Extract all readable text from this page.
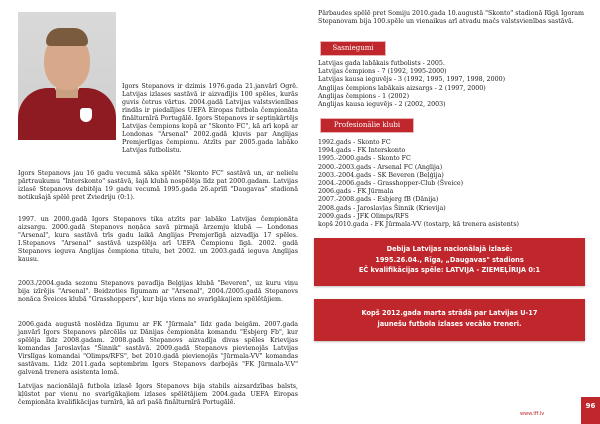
Igors Stepanovs ir dzimis 1976.gada 21.janvārī Ogrē. Latvijas izlases sastāvā ir aizvadījis 100 spēles, kurās guvis četrus vārtus. 2004.gadā Latvijas valstsvienības rindās ir piedalījies UEFA Eiropas futbola čempionāta finālturnīrā Portugālē. Igors Stepanovs ir septiņkārtējs Latvijas čempions kopā ar "Skonto FC", kā arī kopā ar Londonas "Arsenal" 2002.gadā kļuvis par Anglijas Premjerlīgas čempionu. Atzīts par 2005.gada labāko Latvijas futbolistu.

Igors Stepanovs jau 16 gadu vecumā sāka spēlēt "Skonto FC" sastāvā un, ar nelielu pārtraukumu "Interskonto" sastāvā, šajā klubā nospēlēja līdz pat 2000.gadam. Latvijas izlasē Stepanovs debitēja 19 gadu vecumā 1995.gada 26.aprīlī "Daugavas" stadionā notikušajā spēlē pret Zviedriju (0:1).

1997. un 2000.gadā Igors Stepanovs tika atzīts par labāko Latvijas čempionāta aizsargu. 2000.gadā Stepanovs noņāca savā pirmajā ārzemju klubā — Londonas "Arsenal", kura sastāvā trīs gadu laikā Anglijas Premjerlīgā aizvadīja 17 spēles. I.Stepanovs "Arsenal" sastāvā uzspēlēja arī UEFA Čempionu līgā. 2002. gadā Stepanovs ieguva Anglijas čempiona titulu, bet 2002. un 2003.gadā ieguva Anglijas kausu.

2003./2004.gada sezonu Stepanovs pavadīja Beļģijas klubā "Beveren", uz kuru viņu bija izīrējis "Arsenal". Beidzoties līgumam ar "Arsenal", 2004./2005.gadā Stepanovs nonāca Šveices klubā "Grasshoppers", kur bija viens no svarīgākajiem spēlētājiem.

2006.gada augustā noslēdza līgumu ar FK "Jūrmala" līdz gada beigām. 2007.gada janvārī Igors Stepanovs pārcēlās uz Dānijas čempionāta komandu "Esbjerg Fb", kur spēlēja līdz 2008.gadam. 2008.gadā Stepanovs aizvadīja divas spēles Krievijas komandas Jaroslavļas "Šinnik" sastāvā. 2009.gadā Stepanovs pievienojās Latvijas Virslīgas komandai "Olimps/RFS", bet 2010.gadā pievienojās "Jūrmala-VV" komandas sastāvam. Līdz 2011.gada septembrim Igors Stepanovs darbojās "FK Jūrmala-V.V" galvenā trenera asistenta lomā.

Latvijas nacionālajā futbola izlasē Igors Stepanovs bija stabils aizsardzības balsts, kļūstot par vienu no svarīgākajiem izlases spēlētājiem 2004.gada UEFA Eiropas čempionāta kvalifikācijas turnīrā, kā arī pašā finālturnīrā Portugālē.

Pārbaudes spēlē pret Somiju 2010.gada 10.augustā "Skonto" stadionā Rīgā Igoram Stepanovam bija 100.spēle un vienaikus arī atvadu mačs valstsvienības sastāvā.

Sasniegumi
Latvijas gada labākais futbolists - 2005.
Latvijas čempions - 7 (1992, 1995-2000)
Latvijas kausa ieguvējs - 3 (1992, 1995, 1997, 1998, 2000)
Anglijas čempions labākais aizsargs - 2 (1997, 2000)
Anglijas čempions - 1 (2002)
Anglijas kausa ieguvējs - 2 (2002, 2003)
Profesionālie klubi
1992.gads - Skonto FC
1994.gads - FK Interskonto
1995.-2000.gads - Skonto FC
2000.-2003.gads - Arsenal FC (Anglija)
2003.-2004.gads - SK Beveren (Beļģija)
2004.-2006.gads - Grasshopper-Club (Šveice)
2006.gads - FK Jūrmala
2007.-2008.gads - Esbjerg fB (Dānija)
2008.gads - Jaroslavļas Šinnik (Krievija)
2009.gads - JFK Olimps/RFS
kopš 2010.gada - FK Jūrmala-VV (tostarp, kā trenera asistents)
Debija Latvijas nacionālajā izlasē:
1995.26.04., Rīga, „Daugavas" stadions
EČ kvalifikācijas spēle: LATVIJA - ZIEMEĻĪRIJA 0:1
Kopš 2012.gada marta strādā par Latvijas U-17
jaunešu futbola izlases vecāko treneri.
www.lff.lv
96
